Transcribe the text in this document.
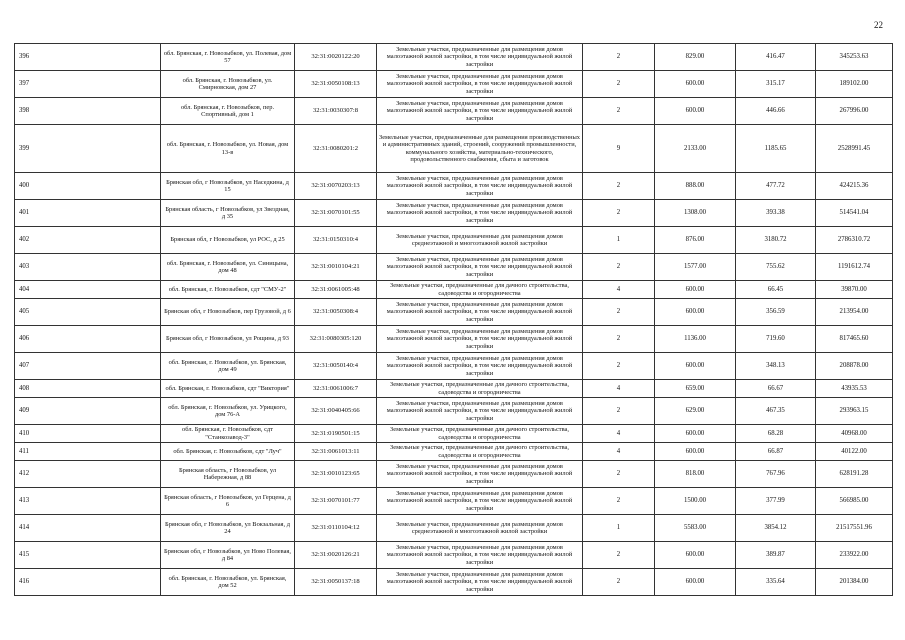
22
396	обл. Брянская, г. Новозыбков, ул. Полевая, дом 57	32:31:0020122:20	Земельные участки, предназначенные для размещения домов малоэтажной жилой застройки, в том числе индивидуальной жилой застройки	2	829.00	416.47	345253.63
397	обл. Брянская, г. Новозыбков, ул. Смирновская, дом 27	32:31:0050108:13	Земельные участки, предназначенные для размещения домов малоэтажной жилой застройки, в том числе индивидуальной жилой застройки	2	600.00	315.17	189102.00
398	обл. Брянская, г. Новозыбков, пер. Спортивный, дом 1	32:31:0030307:8	Земельные участки, предназначенные для размещения домов малоэтажной жилой застройки, в том числе индивидуальной жилой застройки	2	600.00	446.66	267996.00
399	обл. Брянская, г. Новозыбков, ул. Новая, дом 13-в	32:31:0080201:2	Земельные участки, предназначенные для размещения производственных и административных зданий, строений, сооружений промышленности, коммунального хозяйства, материально-технического, продовольственного снабжения, сбыта и заготовок	9	2133.00	1185.65	2528991.45
400	Брянская обл, г Новозыбков, ул Наседкина, д 15	32:31:0070203:13	Земельные участки, предназначенные для размещения домов малоэтажной жилой застройки, в том числе индивидуальной жилой застройки	2	888.00	477.72	424215.36
401	Брянская область, г Новозыбков, ул Звездная, д 35	32:31:0070101:55	Земельные участки, предназначенные для размещения домов малоэтажной жилой застройки, в том числе индивидуальной жилой застройки	2	1308.00	393.38	514541.04
402	Брянская обл, г Новозыбков, ул РОС, д 25	32:31:0150310:4	Земельные участки, предназначенные для размещения домов среднеэтажной и многоэтажной жилой застройки	1	876.00	3180.72	2786310.72
403	обл. Брянская, г. Новозыбков, ул. Синицына, дом 48	32:31:0010104:21	Земельные участки, предназначенные для размещения домов малоэтажной жилой застройки, в том числе индивидуальной жилой застройки	2	1577.00	755.62	1191612.74
404	обл. Брянская, г. Новозыбков, сдт "СМУ-2"	32:31:0061005:48	Земельные участки, предназначенные для дачного строительства, садоводства и огородничества	4	600.00	66.45	39870.00
405	Брянская обл, г Новозыбков, пер Грузовой, д 6	32:31:0050308:4	Земельные участки, предназначенные для размещения домов малоэтажной жилой застройки, в том числе индивидуальной жилой застройки	2	600.00	356.59	213954.00
406	Брянская обл, г Новозыбков, ул Рощина, д 93	32:31:0080305:120	Земельные участки, предназначенные для размещения домов малоэтажной жилой застройки, в том числе индивидуальной жилой застройки	2	1136.00	719.60	817465.60
407	обл. Брянская, г. Новозыбков, ул. Брянская, дом 49	32:31:0050140:4	Земельные участки, предназначенные для размещения домов малоэтажной жилой застройки, в том числе индивидуальной жилой застройки	2	600.00	348.13	208878.00
408	обл. Брянская, г. Новозыбков, сдт "Виктория"	32:31:0061006:7	Земельные участки, предназначенные для дачного строительства, садоводства и огородничества	4	659.00	66.67	43935.53
409	обл. Брянская, г. Новозыбков, ул. Урицкого, дом 76-А	32:31:0040405:66	Земельные участки, предназначенные для размещения домов малоэтажной жилой застройки, в том числе индивидуальной жилой застройки	2	629.00	467.35	293963.15
410	обл. Брянская, г. Новозыбков, сдт "Станкозавод-3"	32:31:0190501:15	Земельные участки, предназначенные для дачного строительства, садоводства и огородничества	4	600.00	68.28	40968.00
411	обл. Брянская, г. Новозыбков, сдт "Луч"	32:31:0061013:11	Земельные участки, предназначенные для дачного строительства, садоводства и огородничества	4	600.00	66.87	40122.00
412	Брянская область, г Новозыбков, ул Набережная, д 88	32:31:0010123:65	Земельные участки, предназначенные для размещения домов малоэтажной жилой застройки, в том числе индивидуальной жилой застройки	2	818.00	767.96	628191.28
413	Брянская область, г Новозыбков, ул Герцена, д 6	32:31:0070101:77	Земельные участки, предназначенные для размещения домов малоэтажной жилой застройки, в том числе индивидуальной жилой застройки	2	1500.00	377.99	566985.00
414	Брянская обл, г Новозыбков, ул Вокзальная, д 24	32:31:0110104:12	Земельные участки, предназначенные для размещения домов среднеэтажной и многоэтажной жилой застройки	1	5583.00	3854.12	21517551.96
415	Брянская обл, г Новозыбков, ул Ново Полевая, д 84	32:31:0020126:21	Земельные участки, предназначенные для размещения домов малоэтажной жилой застройки, в том числе индивидуальной жилой застройки	2	600.00	389.87	233922.00
416	обл. Брянская, г. Новозыбков, ул. Брянская, дом 52	32:31:0050137:18	Земельные участки, предназначенные для размещения домов малоэтажной жилой застройки, в том числе индивидуальной жилой застройки	2	600.00	335.64	201384.00
